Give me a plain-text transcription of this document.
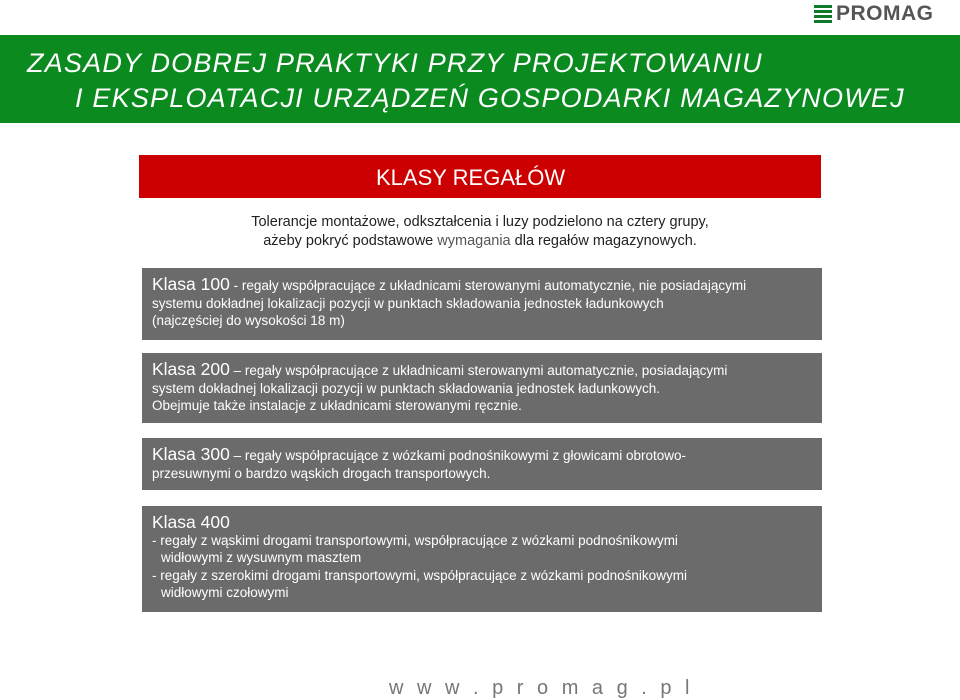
PROMAG
ZASADY DOBREJ PRAKTYKI PRZY PROJEKTOWANIU
I EKSPLOATACJI URZĄDZEŃ GOSPODARKI MAGAZYNOWEJ
KLASY REGAŁÓW
Tolerancje montażowe, odkształcenia i luzy podzielono na cztery grupy,
ażeby pokryć podstawowe wymagania dla regałów magazynowych.
Klasa 100 - regały współpracujące z układnicami sterowanymi automatycznie, nie posiadającymi
systemu dokładnej lokalizacji pozycji w punktach składowania jednostek ładunkowych
(najczęściej do wysokości 18 m)
Klasa 200 – regały współpracujące z układnicami sterowanymi automatycznie, posiadającymi
system dokładnej lokalizacji pozycji w punktach składowania jednostek ładunkowych.
Obejmuje także instalacje z układnicami sterowanymi ręcznie.
Klasa 300 – regały współpracujące z wózkami podnośnikowymi z głowicami obrotowo-
przesuwnymi o bardzo wąskich drogach transportowych.
Klasa 400
- regały z wąskimi drogami transportowymi, współpracujące z wózkami podnośnikowymi
widłowymi z wysuwnym masztem
- regały z szerokimi drogami transportowymi, współpracujące z wózkami podnośnikowymi
widłowymi czołowymi
w w w . p r o m a g . p l
